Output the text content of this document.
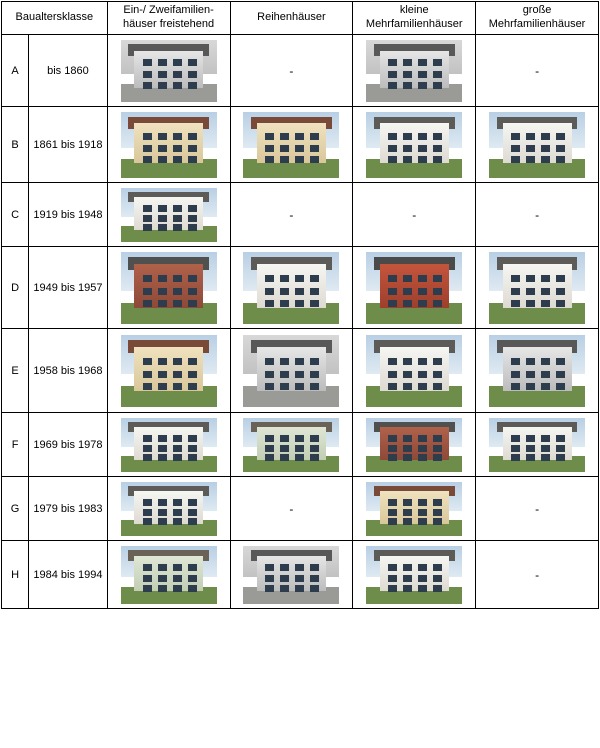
Baualtersklasse		Ein-/ Zweifamilien-häuser freistehend	Reihenhäuser	kleine Mehrfamilienhäuser	große Mehrfamilienhäuser
A	bis 1860		-		-
B	1861 bis 1918	

C	1919 bis 1948		-	-	-
D	1949 bis 1957	

E	1958 bis 1968	

F	1969 bis 1978	

G	1979 bis 1983		-		-
H	1984 bis 1994				-
